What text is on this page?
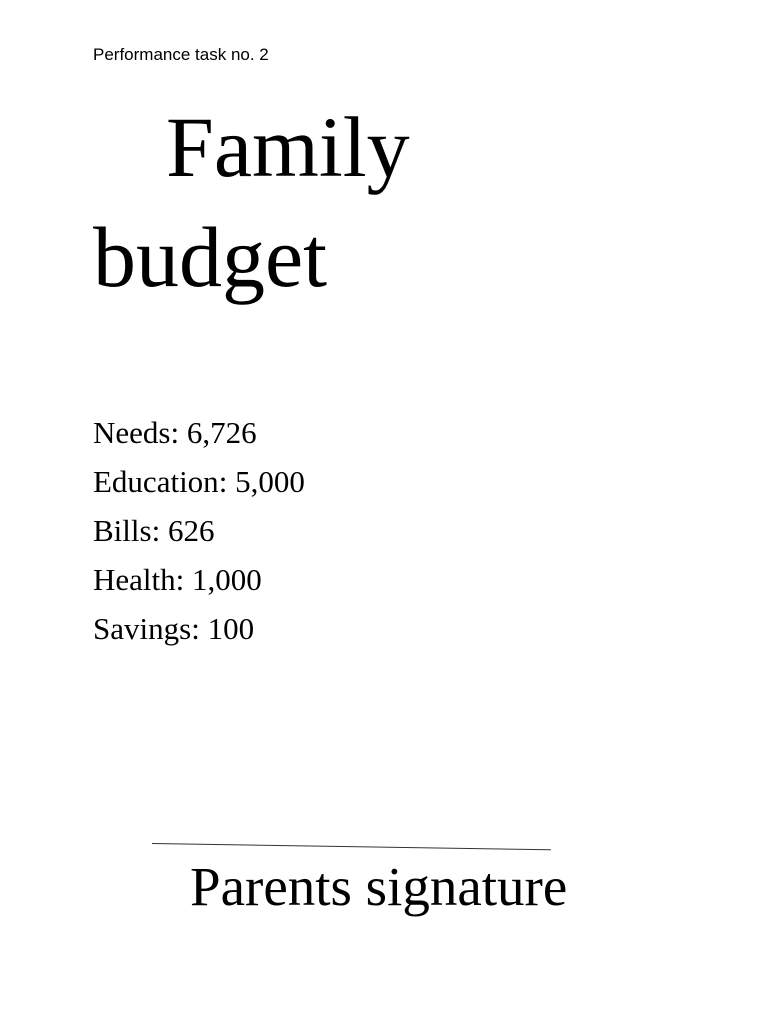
Performance task no. 2
Family
budget
Needs: 6,726
Education: 5,000
Bills: 626
Health: 1,000
Savings: 100
Parents signature
